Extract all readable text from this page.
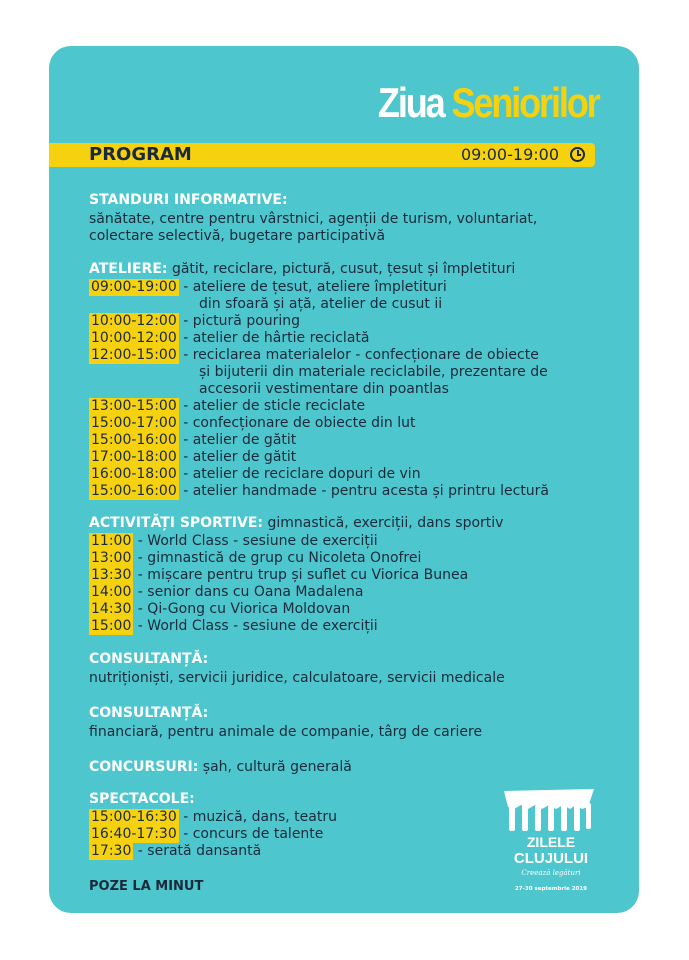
Ziua Seniorilor
PROGRAM	09:00-19:00
STANDURI INFORMATIVE:
sănătate, centre pentru vârstnici, agenții de turism, voluntariat,
colectare selectivă, bugetare participativă
ATELIERE: gătit, reciclare, pictură, cusut, țesut și împletituri
09:00-19:00 - ateliere de țesut, ateliere împletituri
din sfoară și ață, atelier de cusut ii
10:00-12:00 - pictură pouring
10:00-12:00 - atelier de hârtie reciclată
12:00-15:00 - reciclarea materialelor - confecționare de obiecte
și bijuterii din materiale reciclabile, prezentare de
accesorii vestimentare din poantlas
13:00-15:00 - atelier de sticle reciclate
15:00-17:00 - confecționare de obiecte din lut
15:00-16:00 - atelier de gătit
17:00-18:00 - atelier de gătit
16:00-18:00 - atelier de reciclare dopuri de vin
15:00-16:00 - atelier handmade - pentru acesta și printru lectură
ACTIVITĂȚI SPORTIVE: gimnastică, exerciții, dans sportiv
11:00 - World Class - sesiune de exerciții
13:00 - gimnastică de grup cu Nicoleta Onofrei
13:30 - mișcare pentru trup și suflet cu Viorica Bunea
14:00 - senior dans cu Oana Madalena
14:30 - Qi-Gong cu Viorica Moldovan
15:00 - World Class - sesiune de exerciții
CONSULTANȚĂ:
nutriționiști, servicii juridice, calculatoare, servicii medicale
CONSULTANȚĂ:
financiară, pentru animale de companie, târg de cariere
CONCURSURI: șah, cultură generală
SPECTACOLE:
15:00-16:30 - muzică, dans, teatru
16:40-17:30 - concurs de talente
17:30 - serată dansantă
POZE LA MINUT
ZILELE
CLUJULUI
Creează legături
27-30 septembrie 2019
